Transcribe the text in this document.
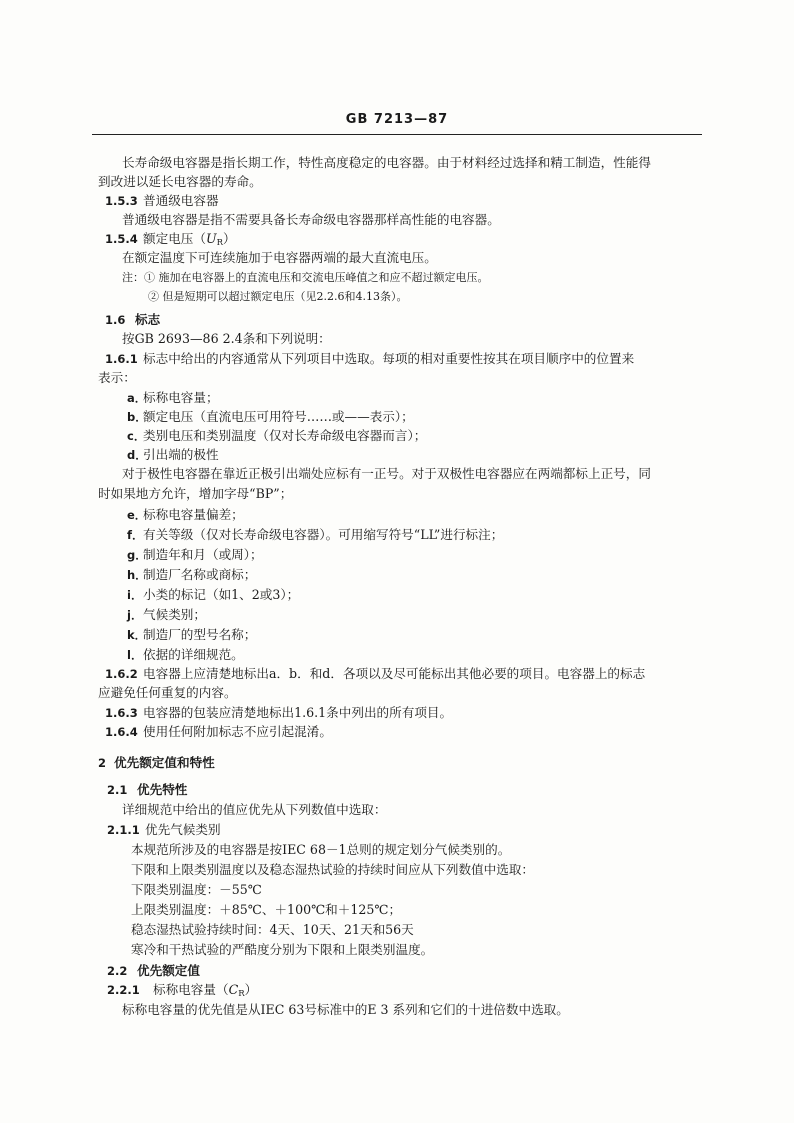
GB 7213—87
长寿命级电容器是指长期工作，特性高度稳定的电容器。由于材料经过选择和精工制造，性能得
到改进以延长电容器的寿命。
1.5.3 普通级电容器
普通级电容器是指不需要具备长寿命级电容器那样高性能的电容器。
1.5.4 额定电压$(U_R)$
在额定温度下可连续施加于电容器两端的最大直流电压。
注：① 施加在电容器上的直流电压和交流电压峰值之和应不超过额定电压。
② 但是短期可以超过额定电压（见2.2.6和4.13条）。
1.6 标志
按GB 2693—86 2.4条和下列说明：
1.6.1 标志中给出的内容通常从下列项目中选取。每项的相对重要性按其在项目顺序中的位置来
表示：
a．标称电容量；
b．额定电压（直流电压可用符号……或——表示）；
c．类别电压和类别温度（仅对长寿命级电容器而言）；
d．引出端的极性
对于极性电容器在靠近正极引出端处应标有一正号。对于双极性电容器应在两端都标上正号，同
时如果地方允许，增加字母“BP”；
e．标称电容量偏差；
f．有关等级（仅对长寿命级电容器）。可用缩写符号“LL”进行标注；
g．制造年和月（或周）；
h．制造厂名称或商标；
i．小类的标记（如1、2或3）；
j．气候类别；
k．制造厂的型号名称；
l．依据的详细规范。
1.6.2 电容器上应清楚地标出a．b．和d．各项以及尽可能标出其他必要的项目。电容器上的标志
应避免任何重复的内容。
1.6.3 电容器的包装应清楚地标出1.6.1条中列出的所有项目。
1.6.4 使用任何附加标志不应引起混淆。
2 优先额定值和特性
2.1 优先特性
详细规范中给出的值应优先从下列数值中选取：
2.1.1 优先气候类别
本规范所涉及的电容器是按IEC 68－1总则的规定划分气候类别的。
下限和上限类别温度以及稳态湿热试验的持续时间应从下列数值中选取：
下限类别温度：－55℃
上限类别温度：＋85℃、＋100℃和＋125℃；
稳态湿热试验持续时间：4天、10天、21天和56天
寒冷和干热试验的严酷度分别为下限和上限类别温度。
2.2 优先额定值
2.2.1 标称电容量$(C_R)$
标称电容量的优先值是从IEC 63号标准中的E 3 系列和它们的十进倍数中选取。
